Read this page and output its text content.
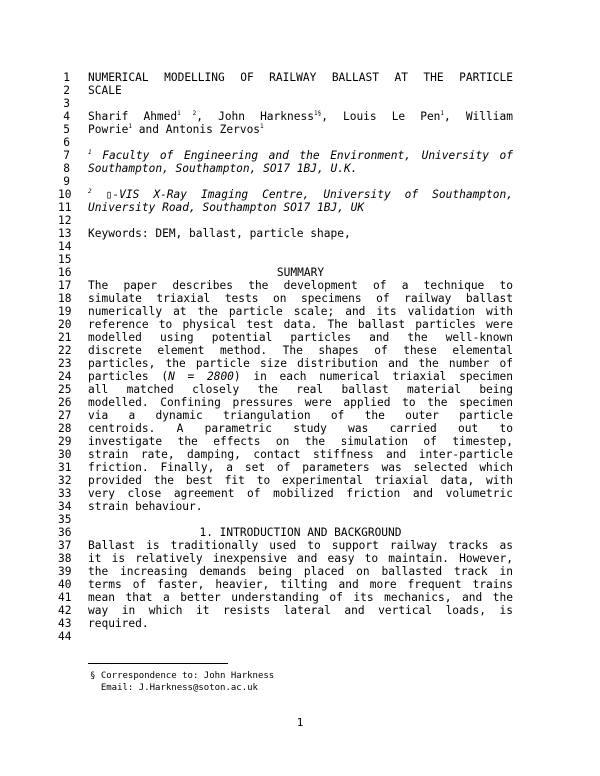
1
2
3
4
5
6
7
8
9
10
11
12
13
14
15
16
17
18
19
20
21
22
23
24
25
26
27
28
29
30
31
32
33
34
35
36
37
38
39
40
41
42
43
44
NUMERICAL MODELLING OF RAILWAY BALLAST AT THE PARTICLE
SCALE
Sharif Ahmed$^{1 2}$, John Harkness$^{1\S}$, Louis Le Pen$^1$, William
Powrie$^1$ and Antonis Zervos$^1$
$^1$ Faculty of Engineering and the Environment, University of
Southampton, Southampton, SO17 1BJ, U.K.
$^2$ ▯-VIS X-Ray Imaging Centre, University of Southampton,
University Road, Southampton SO17 1BJ, UK
Keywords: DEM, ballast, particle shape,
SUMMARY
The paper describes the development of a technique to
simulate triaxial tests on specimens of railway ballast
numerically at the particle scale; and its validation with
reference to physical test data. The ballast particles were
modelled using potential particles and the well-known
discrete element method. The shapes of these elemental
particles, the particle size distribution and the number of
particles (N = 2800) in each numerical triaxial specimen
all matched closely the real ballast material being
modelled. Confining pressures were applied to the specimen
via a dynamic triangulation of the outer particle
centroids. A parametric study was carried out to
investigate the effects on the simulation of timestep,
strain rate, damping, contact stiffness and inter-particle
friction. Finally, a set of parameters was selected which
provided the best fit to experimental triaxial data, with
very close agreement of mobilized friction and volumetric
strain behaviour.
1. INTRODUCTION AND BACKGROUND
Ballast is traditionally used to support railway tracks as
it is relatively inexpensive and easy to maintain. However,
the increasing demands being placed on ballasted track in
terms of faster, heavier, tilting and more frequent trains
mean that a better understanding of its mechanics, and the
way in which it resists lateral and vertical loads, is
required.
§ Correspondence to: John Harkness
Email: J.Harkness@soton.ac.uk
1
